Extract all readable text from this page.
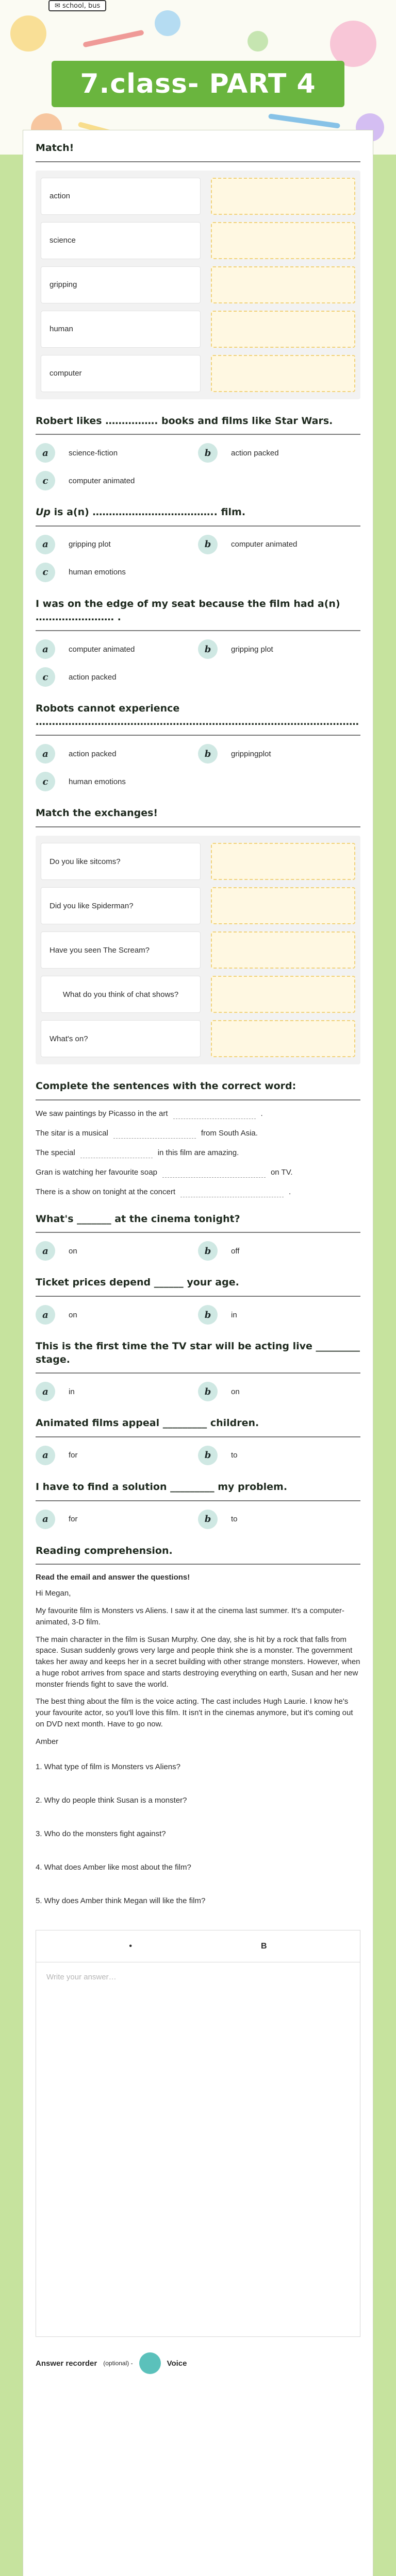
✉ school, bus
7.class- PART 4
Match!
action
science
gripping
human
computer
Robert likes ……………. books and films like Star Wars.
a	science-fiction	b	action packed
c	computer animated
Up is a(n) ……………………………….. film.
a	gripping plot	b	computer animated
c	human emotions
I was on the edge of my seat because the film had a(n) …………………… .
a	computer animated	b	gripping plot
c	action packed
Robots cannot experience ………………………………………………………………………………………
a	action packed	b	grippingplot
c	human emotions
Match the exchanges!
Do you like sitcoms?
Did you like Spiderman?
Have you seen The Scream?
What do you think of chat shows?
What's on?
Complete the sentences with the correct word:
We saw paintings by Picasso in the art	.
The sitar is a musical	from South Asia.
The special	in this film are amazing.
Gran is watching her favourite soap	on TV.
There is a show on tonight at the concert	.
What's _______ at the cinema tonight?
a	on	b	off
Ticket prices depend ______ your age.
a	on	b	in
This is the first time the TV star will be acting live _________ stage.
a	in	b	on
Animated films appeal _________ children.
a	for	b	to
I have to find a solution _________ my problem.
a	for	b	to
Reading comprehension.

Read the email and answer the questions!

Hi Megan,

My favourite film is Monsters vs Aliens. I saw it at the cinema last summer. It's a computer-animated, 3-D film.

The main character in the film is Susan Murphy. One day, she is hit by a rock that falls from space. Susan suddenly grows very large and people think she is a monster. The government takes her away and keeps her in a secret building with other strange monsters. However, when a huge robot arrives from space and starts destroying everything on earth, Susan and her new monster friends fight to save the world.

The best thing about the film is the voice acting. The cast includes Hugh Laurie. I know he's your favourite actor, so you'll love this film. It isn't in the cinemas anymore, but it's coming out on DVD next month. Have to go now.

Amber

1. What type of film is Monsters vs Aliens?

2. Why do people think Susan is a monster?

3. Who do the monsters fight against?

4. What does Amber like most about the film?

5. Why does Amber think Megan will like the film?

•	B
Write your answer…
Answer recorder (optional) -	Voice
